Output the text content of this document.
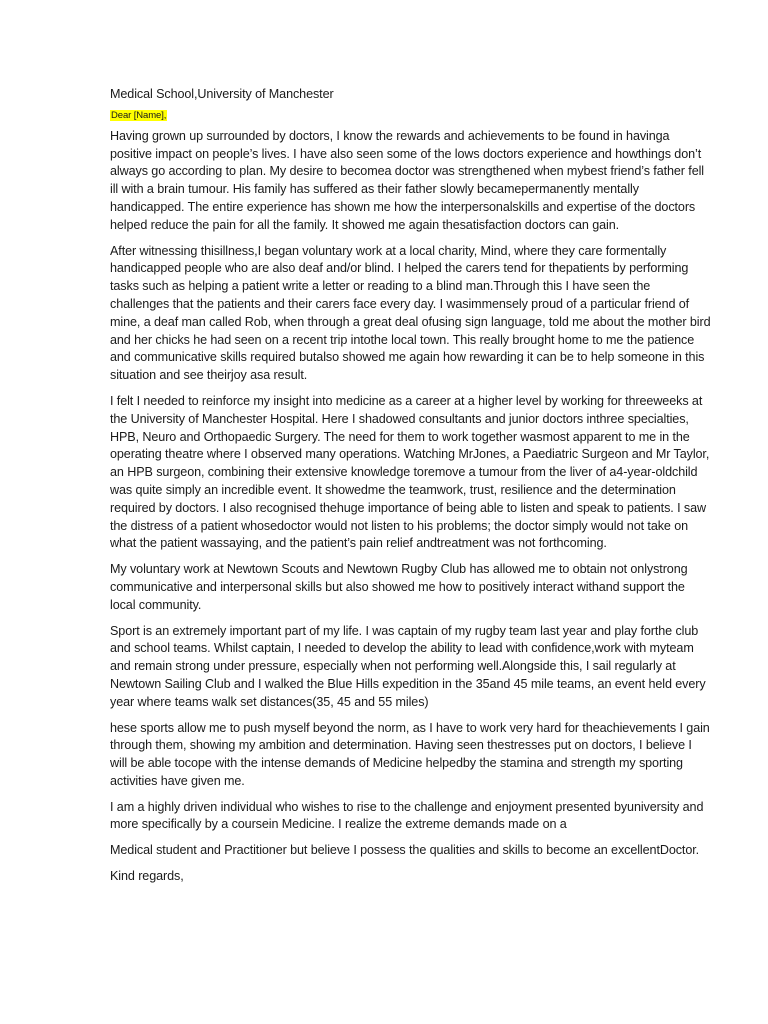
Medical School,University of Manchester

Dear [Name],

Having grown up surrounded by doctors, I know the rewards and achievements to be found in havinga positive impact on people’s lives. I have also seen some of the lows doctors experience and howthings don’t always go according to plan. My desire to becomea doctor was strengthened when mybest friend’s father fell ill with a brain tumour. His family has suffered as their father slowly becamepermanently mentally handicapped. The entire experience has shown me how the interpersonalskills and expertise of the doctors helped reduce the pain for all the family. It showed me again thesatisfaction doctors can gain.

After witnessing thisillness,I began voluntary work at a local charity, Mind, where they care formentally handicapped people who are also deaf and/or blind. I helped the carers tend for thepatients by performing tasks such as helping a patient write a letter or reading to a blind man.Through this I have seen the challenges that the patients and their carers face every day. I wasimmensely proud of a particular friend of mine, a deaf man called Rob, when through a great deal ofusing sign language, told me about the mother bird and her chicks he had seen on a recent trip intothe local town. This really brought home to me the patience and communicative skills required butalso showed me again how rewarding it can be to help someone in this situation and see theirjoy asa result.

I felt I needed to reinforce my insight into medicine as a career at a higher level by working for threeweeks at the University of Manchester Hospital. Here I shadowed consultants and junior doctors inthree specialties, HPB, Neuro and Orthopaedic Surgery. The need for them to work together wasmost apparent to me in the operating theatre where I observed many operations. Watching MrJones, a Paediatric Surgeon and Mr Taylor, an HPB surgeon, combining their extensive knowledge toremove a tumour from the liver of a4-year-oldchild was quite simply an incredible event. It showedme the teamwork, trust, resilience and the determination required by doctors. I also recognised thehuge importance of being able to listen and speak to patients. I saw the distress of a patient whosedoctor would not listen to his problems; the doctor simply would not take on what the patient wassaying, and the patient’s pain relief andtreatment was not forthcoming.

My voluntary work at Newtown Scouts and Newtown Rugby Club has allowed me to obtain not onlystrong communicative and interpersonal skills but also showed me how to positively interact withand support the local community.

Sport is an extremely important part of my life. I was captain of my rugby team last year and play forthe club and school teams. Whilst captain, I needed to develop the ability to lead with confidence,work with myteam and remain strong under pressure, especially when not performing well.Alongside this, I sail regularly at Newtown Sailing Club and I walked the Blue Hills expedition in the 35and 45 mile teams, an event held every year where teams walk set distances(35, 45 and 55 miles)

hese sports allow me to push myself beyond the norm, as I have to work very hard for theachievements I gain through them, showing my ambition and determination. Having seen thestresses put on doctors, I believe I will be able tocope with the intense demands of Medicine helpedby the stamina and strength my sporting activities have given me.

I am a highly driven individual who wishes to rise to the challenge and enjoyment presented byuniversity and more specifically by a coursein Medicine. I realize the extreme demands made on a

Medical student and Practitioner but believe I possess the qualities and skills to become an excellentDoctor.

Kind regards,
